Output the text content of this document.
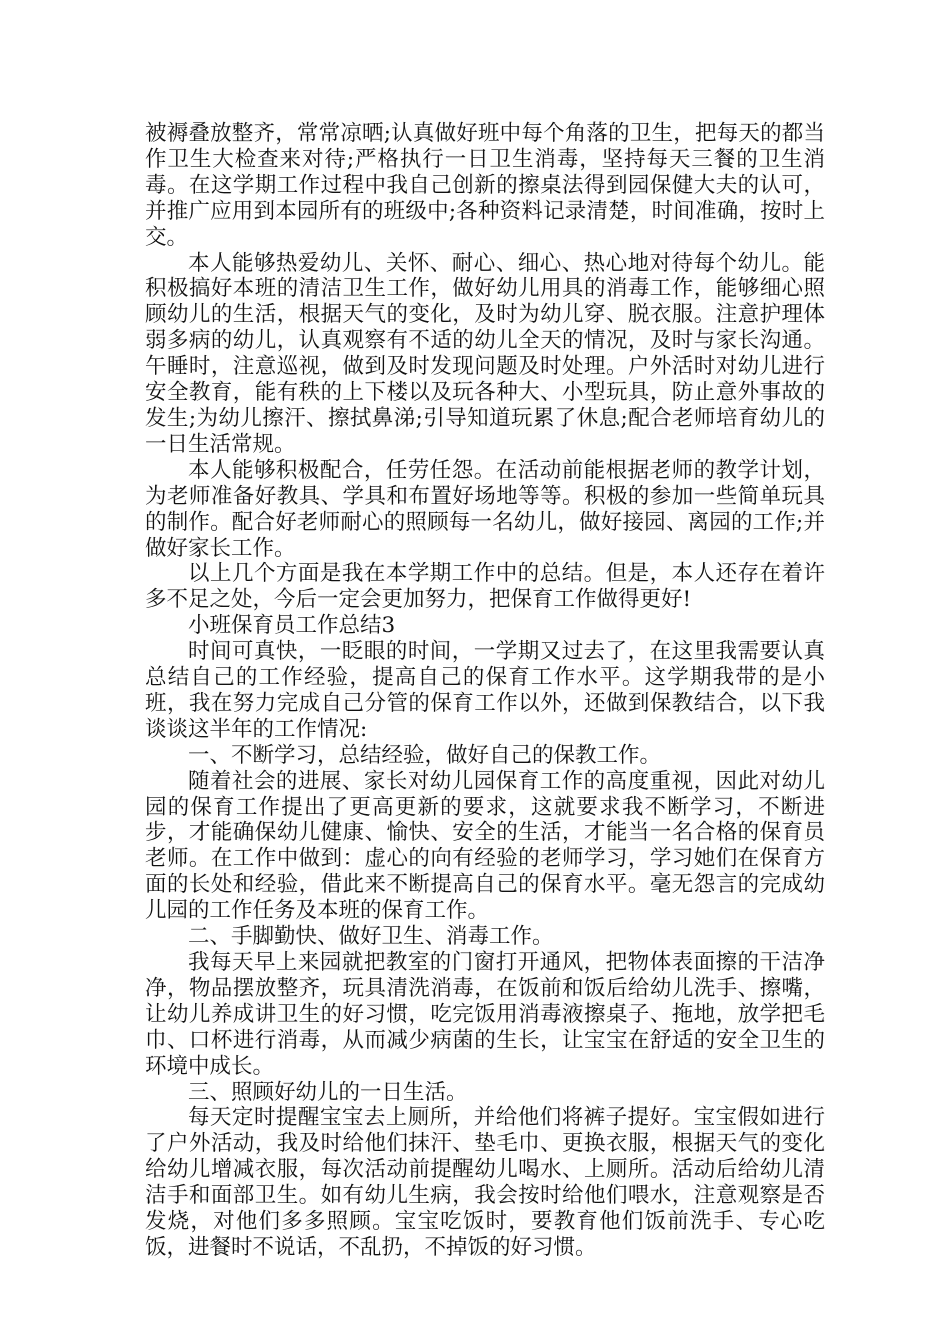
被褥叠放整齐，常常凉晒;认真做好班中每个角落的卫生，把每天的都当作卫生大检查来对待;严格执行一日卫生消毒，坚持每天三餐的卫生消毒。在这学期工作过程中我自己创新的擦桌法得到园保健大夫的认可，并推广应用到本园所有的班级中;各种资料记录清楚，时间准确，按时上交。

本人能够热爱幼儿、关怀、耐心、细心、热心地对待每个幼儿。能积极搞好本班的清洁卫生工作，做好幼儿用具的消毒工作，能够细心照顾幼儿的生活，根据天气的变化，及时为幼儿穿、脱衣服。注意护理体弱多病的幼儿，认真观察有不适的幼儿全天的情况，及时与家长沟通。午睡时，注意巡视，做到及时发现问题及时处理。户外活时对幼儿进行安全教育，能有秩的上下楼以及玩各种大、小型玩具，防止意外事故的发生;为幼儿擦汗、擦拭鼻涕;引导知道玩累了休息;配合老师培育幼儿的一日生活常规。

本人能够积极配合，任劳任怨。在活动前能根据老师的教学计划，为老师准备好教具、学具和布置好场地等等。积极的参加一些简单玩具的制作。配合好老师耐心的照顾每一名幼儿，做好接园、离园的工作;并做好家长工作。

以上几个方面是我在本学期工作中的总结。但是，本人还存在着许多不足之处，今后一定会更加努力，把保育工作做得更好!

小班保育员工作总结3

时间可真快，一眨眼的时间，一学期又过去了，在这里我需要认真总结自己的工作经验，提高自己的保育工作水平。这学期我带的是小班，我在努力完成自己分管的保育工作以外，还做到保教结合，以下我谈谈这半年的工作情况:

一、不断学习，总结经验，做好自己的保教工作。

随着社会的进展、家长对幼儿园保育工作的高度重视，因此对幼儿园的保育工作提出了更高更新的要求，这就要求我不断学习，不断进步，才能确保幼儿健康、愉快、安全的生活，才能当一名合格的保育员老师。在工作中做到：虚心的向有经验的老师学习，学习她们在保育方面的长处和经验，借此来不断提高自己的保育水平。毫无怨言的完成幼儿园的工作任务及本班的保育工作。

二、手脚勤快、做好卫生、消毒工作。

我每天早上来园就把教室的门窗打开通风，把物体表面擦的干洁净净，物品摆放整齐，玩具清洗消毒，在饭前和饭后给幼儿洗手、擦嘴，让幼儿养成讲卫生的好习惯，吃完饭用消毒液擦桌子、拖地，放学把毛巾、口杯进行消毒，从而减少病菌的生长，让宝宝在舒适的安全卫生的环境中成长。

三、照顾好幼儿的一日生活。

每天定时提醒宝宝去上厕所，并给他们将裤子提好。宝宝假如进行了户外活动，我及时给他们抹汗、垫毛巾、更换衣服，根据天气的变化给幼儿增减衣服，每次活动前提醒幼儿喝水、上厕所。活动后给幼儿清洁手和面部卫生。如有幼儿生病，我会按时给他们喂水，注意观察是否发烧，对他们多多照顾。宝宝吃饭时，要教育他们饭前洗手、专心吃饭，进餐时不说话，不乱扔，不掉饭的好习惯。
